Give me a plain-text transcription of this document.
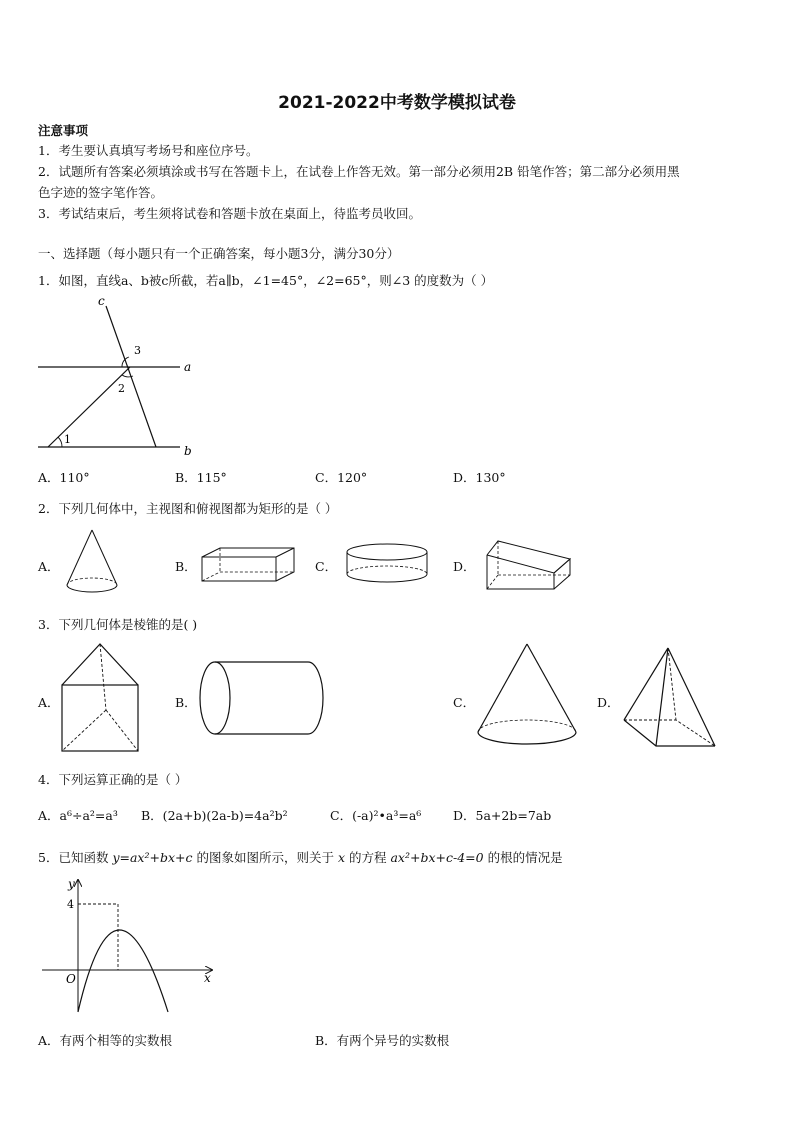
2021-2022中考数学模拟试卷
注意事项
1．考生要认真填写考场号和座位序号。
2．试题所有答案必须填涂或书写在答题卡上，在试卷上作答无效。第一部分必须用2B 铅笔作答；第二部分必须用黑
色字迹的签字笔作答。
3．考试结束后，考生须将试卷和答题卡放在桌面上，待监考员收回。
一、选择题（每小题只有一个正确答案，每小题3分，满分30分）
1．如图，直线a、b被c所截，若a∥b，∠1=45°，∠2=65°，则∠3 的度数为（ ）
c
a
b
1
2
3
A．110°	B．115°	C．120°	D．130°
2．下列几何体中，主视图和俯视图都为矩形的是（ ）
A．	B．	C．	D．
3．下列几何体是棱锥的是( )
A．	B．	C．	D．
4．下列运算正确的是（ ）
A．a⁶÷a²=a³ B．(2a+b)(2a-b)=4a²b²	C．(-a)²•a³=a⁶	D．5a+2b=7ab
5．已知函数 y=ax²+bx+c 的图象如图所示，则关于 x 的方程 ax²+bx+c-4=0 的根的情况是
y
x
O
4
A．有两个相等的实数根	B．有两个异号的实数根
